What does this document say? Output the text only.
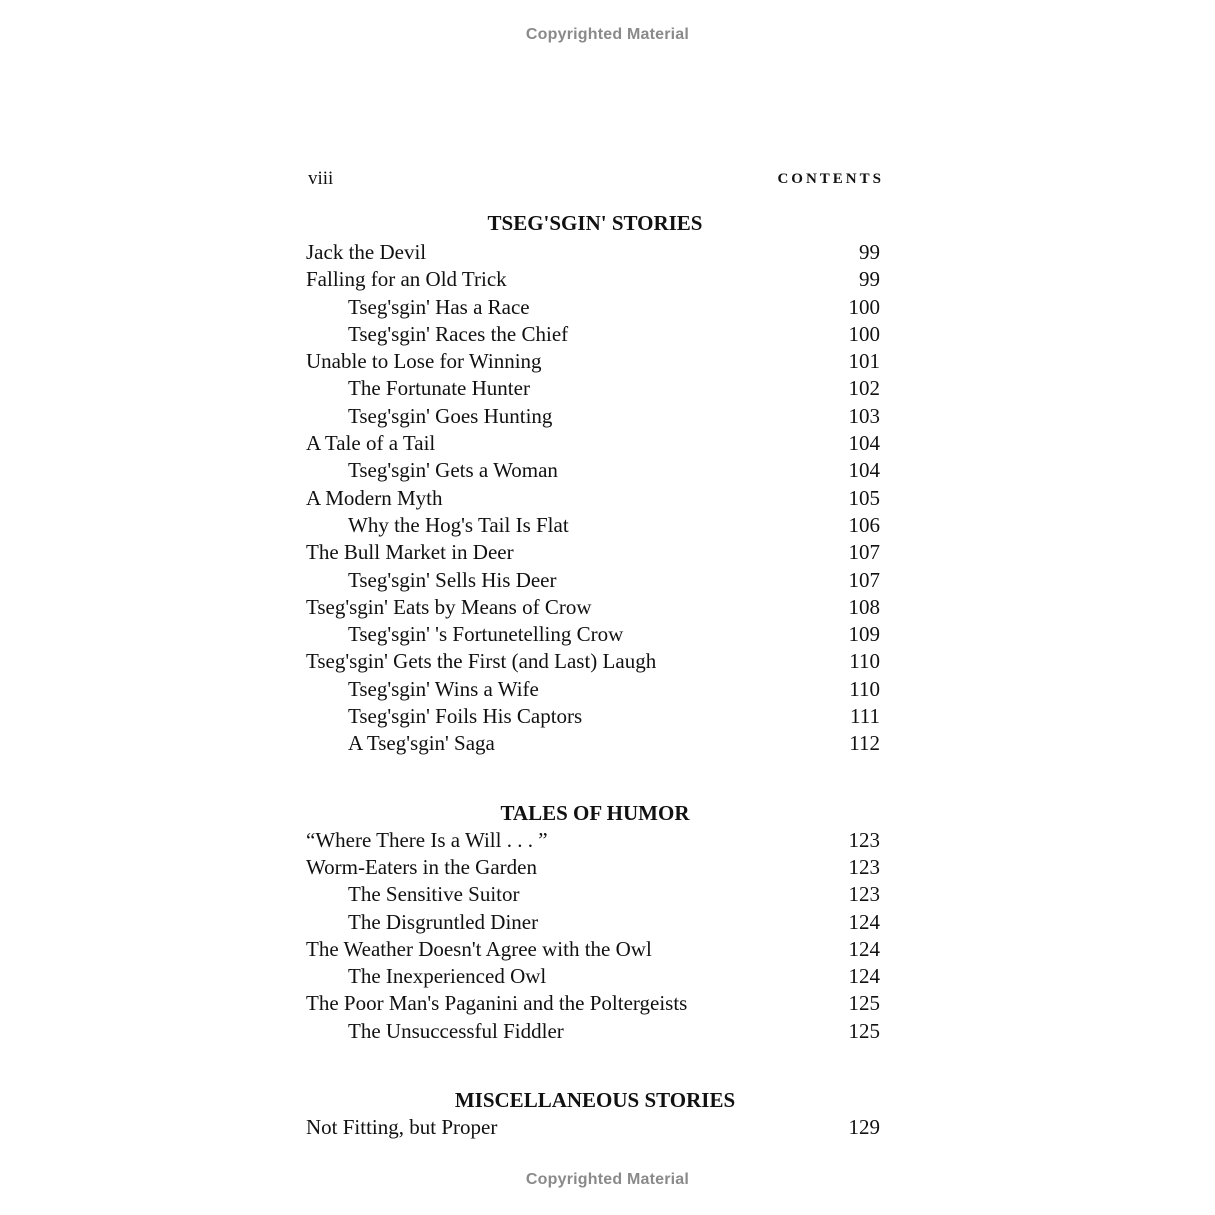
Copyrighted Material
viii	CONTENTS
TSEG'SGIN' STORIES
Jack the Devil	99
Falling for an Old Trick	99
Tseg'sgin' Has a Race	100
Tseg'sgin' Races the Chief	100
Unable to Lose for Winning	101
The Fortunate Hunter	102
Tseg'sgin' Goes Hunting	103
A Tale of a Tail	104
Tseg'sgin' Gets a Woman	104
A Modern Myth	105
Why the Hog's Tail Is Flat	106
The Bull Market in Deer	107
Tseg'sgin' Sells His Deer	107
Tseg'sgin' Eats by Means of Crow	108
Tseg'sgin' 's Fortunetelling Crow	109
Tseg'sgin' Gets the First (and Last) Laugh	110
Tseg'sgin' Wins a Wife	110
Tseg'sgin' Foils His Captors	111
A Tseg'sgin' Saga	112
TALES OF HUMOR
“Where There Is a Will . . . ”	123
Worm-Eaters in the Garden	123
The Sensitive Suitor	123
The Disgruntled Diner	124
The Weather Doesn't Agree with the Owl	124
The Inexperienced Owl	124
The Poor Man's Paganini and the Poltergeists	125
The Unsuccessful Fiddler	125
MISCELLANEOUS STORIES
Not Fitting, but Proper	129
Copyrighted Material
